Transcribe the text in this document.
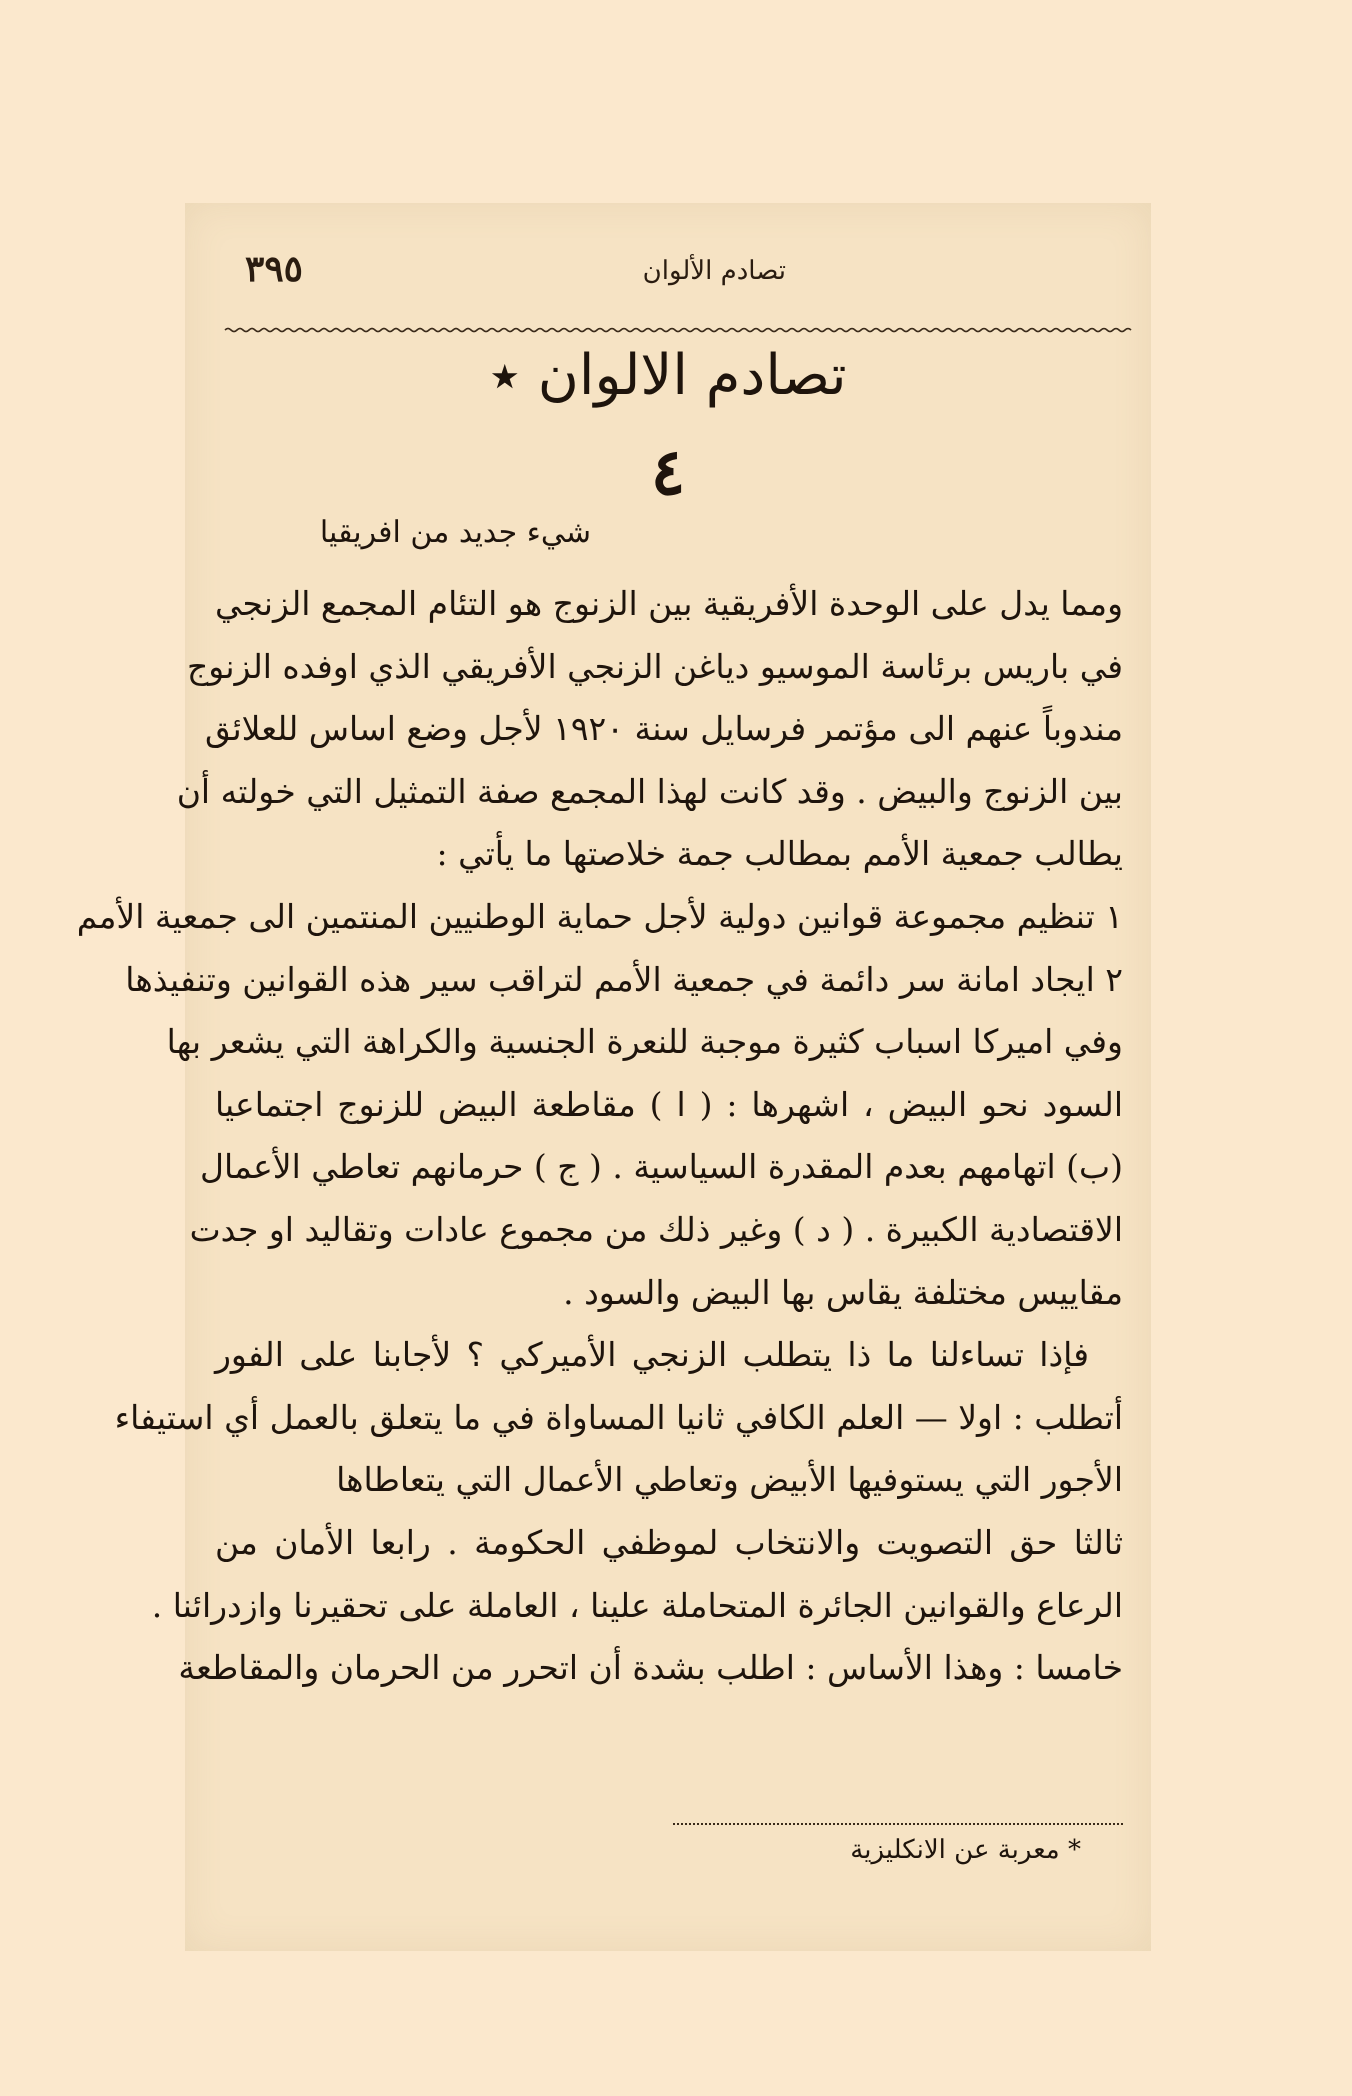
تصادم الألوان
٣٩٥
تصادم الالوان ٭
٤
شيء جديد من افريقيا
ومما يدل على الوحدة الأفريقية بين الزنوج هو التئام المجمع الزنجي
في باريس برئاسة الموسيو دياغن الزنجي الأفريقي الذي اوفده الزنوج
مندوباً عنهم الى مؤتمر فرسايل سنة ١٩٢٠ لأجل وضع اساس للعلائق
بين الزنوج والبيض . وقد كانت لهذا المجمع صفة التمثيل التي خولته أن
يطالب جمعية الأمم بمطالب جمة خلاصتها ما يأتي :
١ تنظيم مجموعة قوانين دولية لأجل حماية الوطنيين المنتمين الى جمعية الأمم
٢ ايجاد امانة سر دائمة في جمعية الأمم لتراقب سير هذه القوانين وتنفيذها
وفي اميركا اسباب كثيرة موجبة للنعرة الجنسية والكراهة التي يشعر بها
السود نحو البيض ، اشهرها : ( ا ) مقاطعة البيض للزنوج اجتماعيا
(ب) اتهامهم بعدم المقدرة السياسية . ( ج ) حرمانهم تعاطي الأعمال
الاقتصادية الكبيرة . ( د ) وغير ذلك من مجموع عادات وتقاليد او جدت
مقاييس مختلفة يقاس بها البيض والسود .
فإذا تساءلنا ما ذا يتطلب الزنجي الأميركي ؟ لأجابنا على الفور
أتطلب : اولا — العلم الكافي ثانيا المساواة في ما يتعلق بالعمل أي استيفاء
الأجور التي يستوفيها الأبيض وتعاطي الأعمال التي يتعاطاها
ثالثا حق التصويت والانتخاب لموظفي الحكومة . رابعا الأمان من
الرعاع والقوانين الجائرة المتحاملة علينا ، العاملة على تحقيرنا وازدرائنا .
خامسا : وهذا الأساس : اطلب بشدة أن اتحرر من الحرمان والمقاطعة
* معربة عن الانكليزية
